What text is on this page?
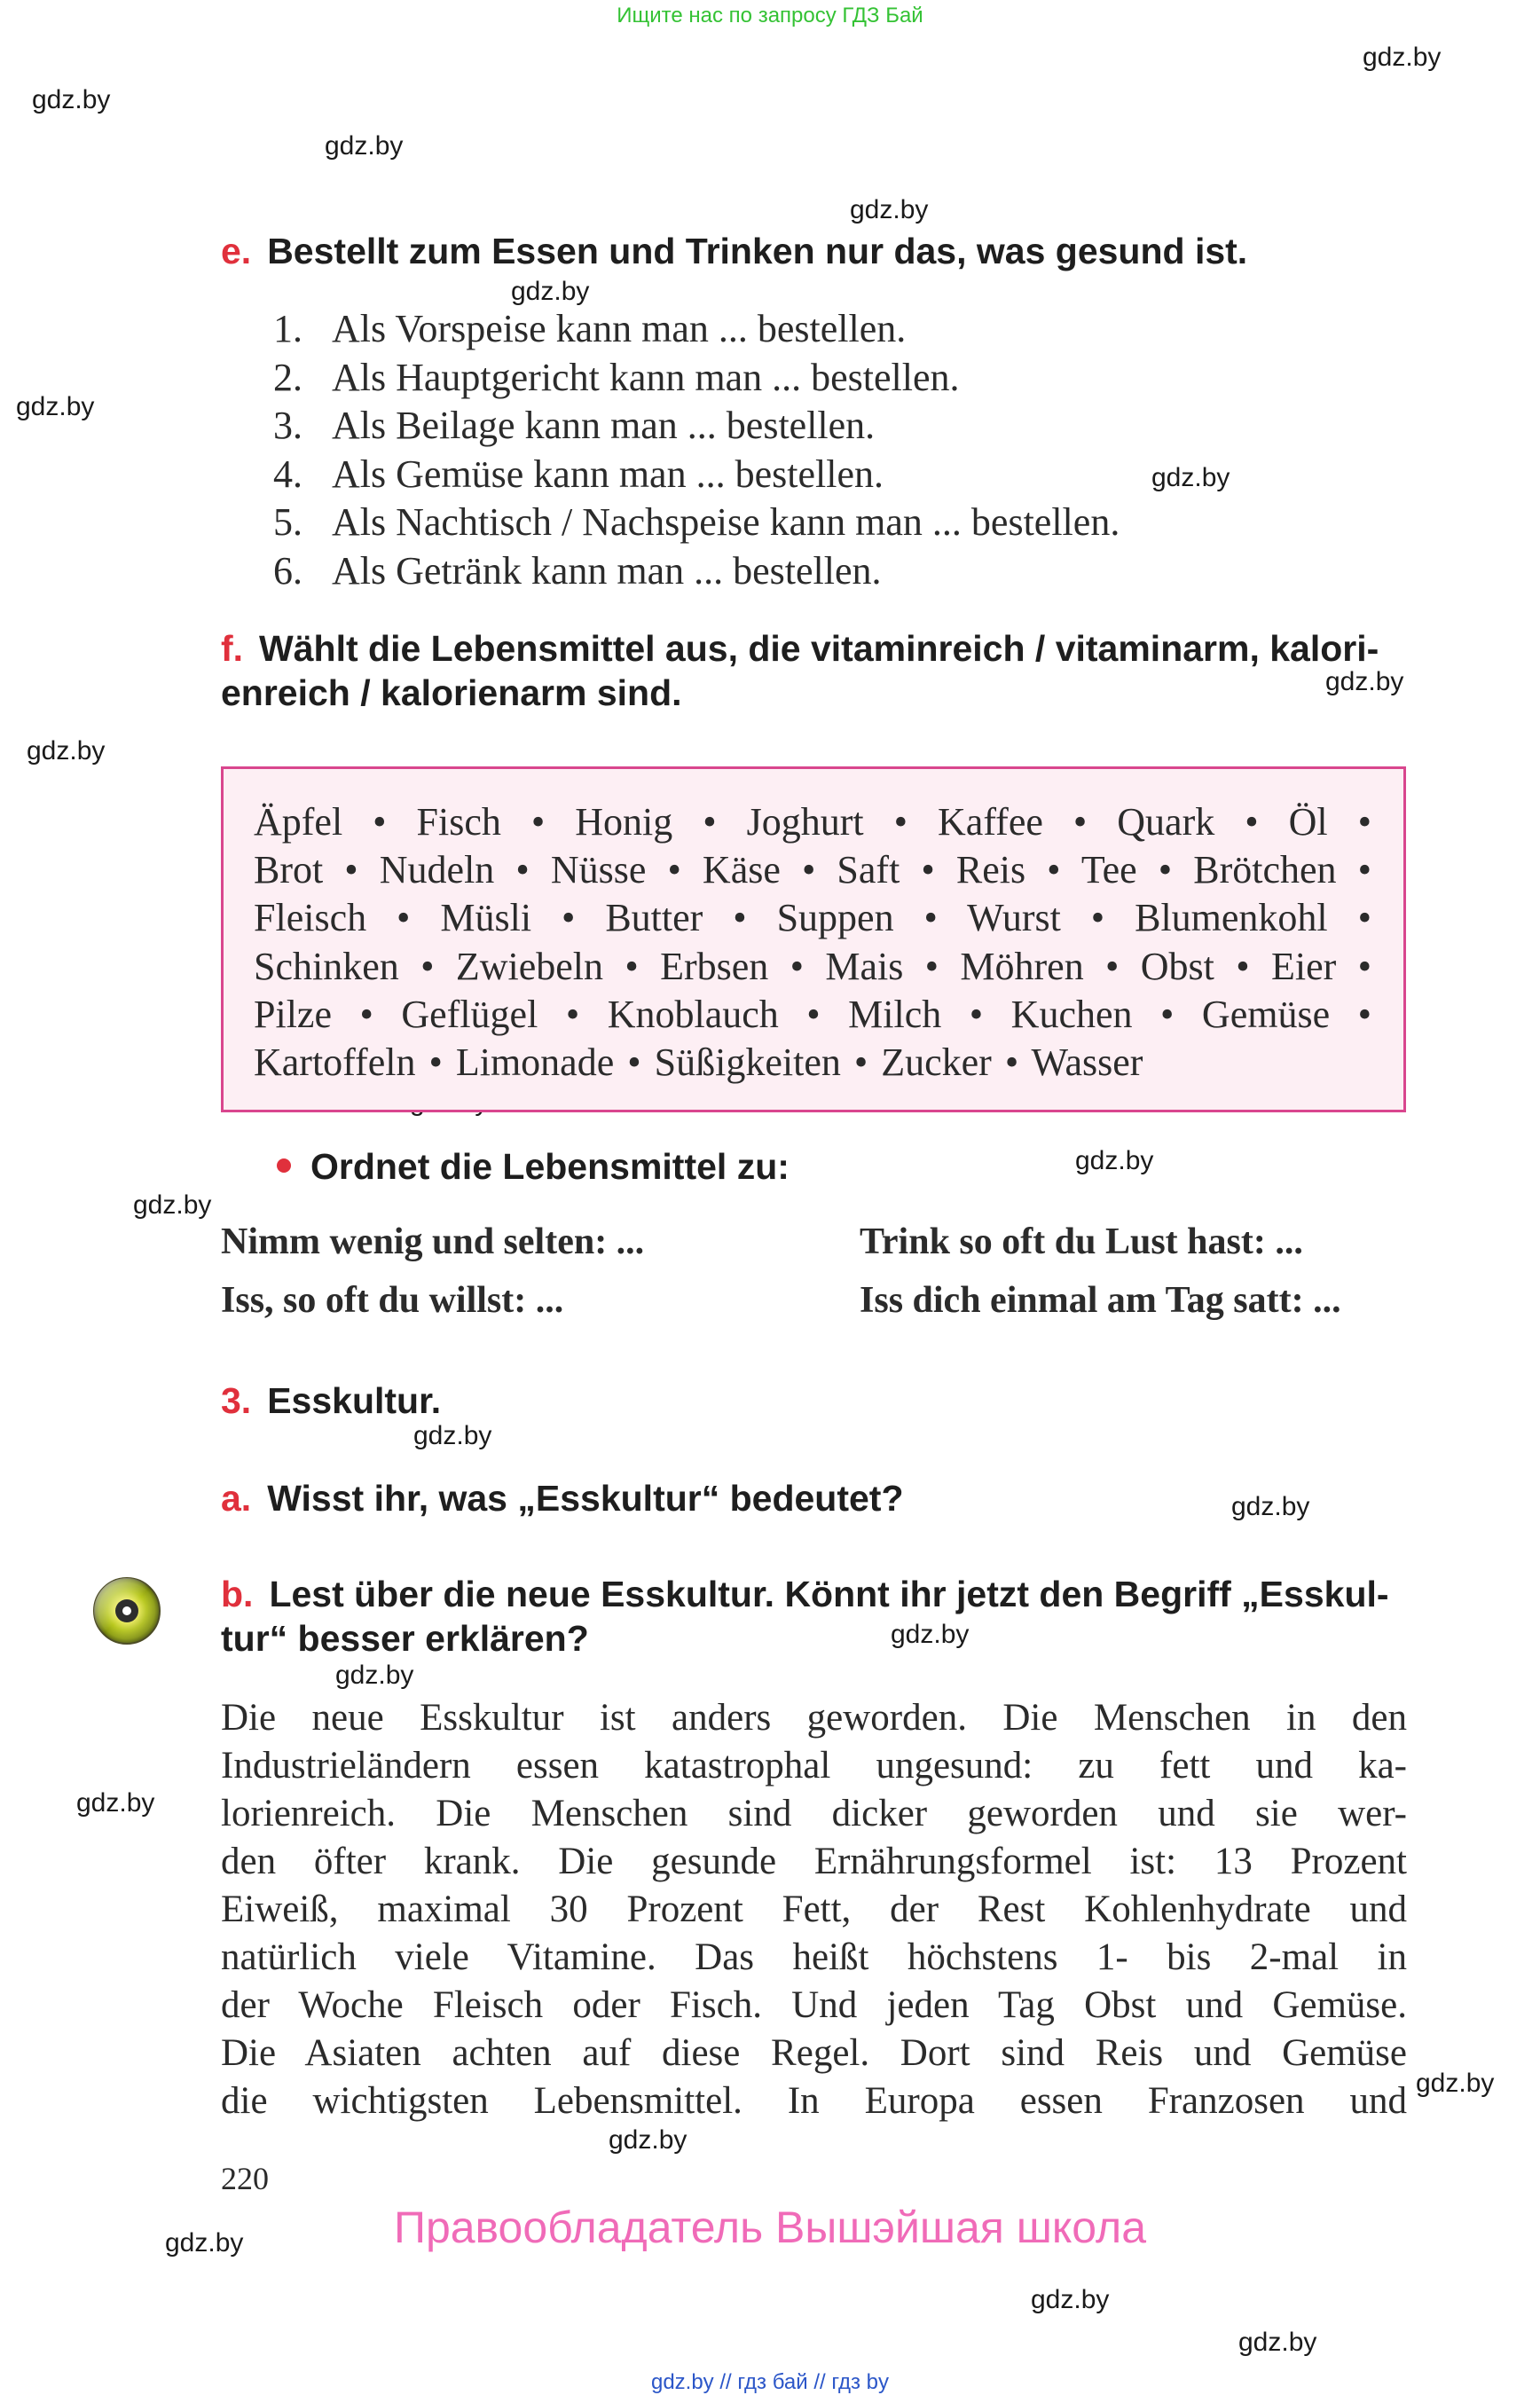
Ищите нас по запросу ГДЗ Бай
gdz.by
gdz.by
gdz.by
gdz.by
gdz.by
gdz.by
gdz.by
gdz.by
gdz.by
gdz.by
gdz.by
gdz.by
gdz.by
gdz.by
gdz.by
gdz.by
gdz.by
gdz.by
gdz.by
gdz.by
gdz.by
e. Bestellt zum Essen und Trinken nur das, was gesund ist.
1. Als Vorspeise kann man ... bestellen.
2. Als Hauptgericht kann man ... bestellen.
3. Als Beilage kann man ... bestellen.
4. Als Gemüse kann man ... bestellen.
5. Als Nachtisch / Nachspeise kann man ... bestellen.
6. Als Getränk kann man ... bestellen.
f. Wählt die Lebensmittel aus, die vitaminreich / vitaminarm, kalori-
enreich / kalorienarm sind.
Äpfel • Fisch • Honig • Joghurt • Kaffee • Quark • Öl •
Brot • Nudeln • Nüsse • Käse • Saft • Reis • Tee • Brötchen •
Fleisch • Müsli • Butter • Suppen • Wurst • Blumenkohl •
Schinken • Zwiebeln • Erbsen • Mais • Möhren • Obst • Eier •
Pilze • Geflügel • Knoblauch • Milch • Kuchen • Gemüse •
Kartoffeln • Limonade • Süßigkeiten • Zucker • Wasser
Ordnet die Lebensmittel zu:
Nimm wenig und selten: ...
Iss, so oft du willst: ...
Trink so oft du Lust hast: ...
Iss dich einmal am Tag satt: ...
3. Esskultur.
a. Wisst ihr, was „Esskultur“ bedeutet?
b. Lest über die neue Esskultur. Könnt ihr jetzt den Begriff „Esskul-
tur“ besser erklären?
Die neue Esskultur ist anders geworden. Die Menschen in den
Industrieländern essen katastrophal ungesund: zu fett und ka-
lorienreich. Die Menschen sind dicker geworden und sie wer-
den öfter krank. Die gesunde Ernährungsformel ist: 13 Prozent
Eiweiß, maximal 30 Prozent Fett, der Rest Kohlenhydrate und
natürlich viele Vitamine. Das heißt höchstens 1- bis 2-mal in
der Woche Fleisch oder Fisch. Und jeden Tag Obst und Gemüse.
Die Asiaten achten auf diese Regel. Dort sind Reis und Gemüse
die wichtigsten Lebensmittel. In Europa essen Franzosen und
220
Правообладатель Вышэйшая школа
gdz.by // гдз бай // гдз by
